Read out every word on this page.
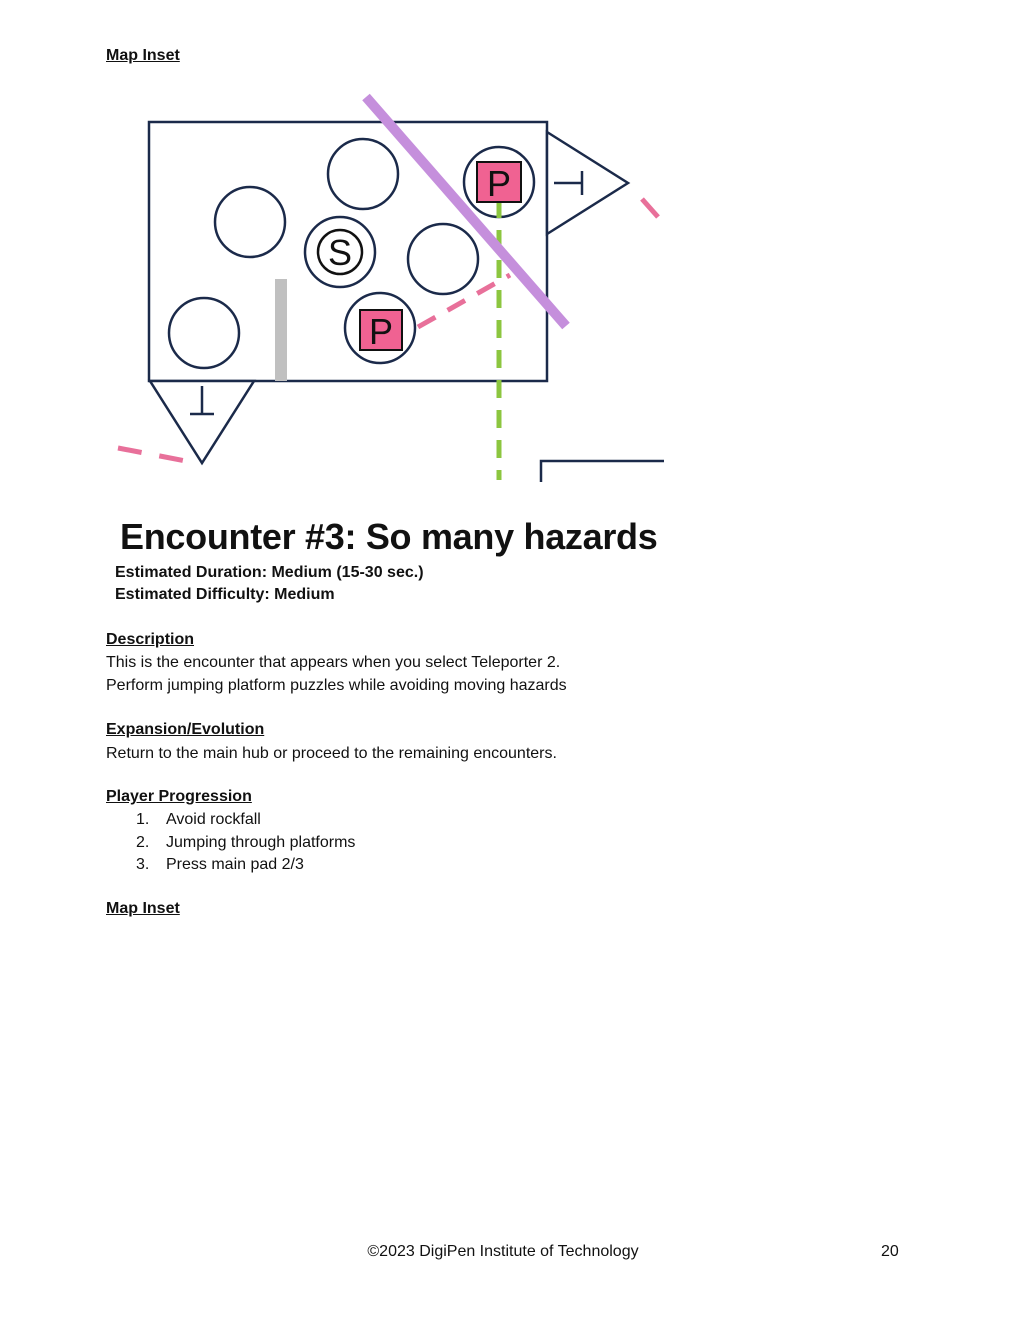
Map Inset
S
P
P
Encounter #3: So many hazards
Estimated Duration: Medium (15-30 sec.)
Estimated Difficulty: Medium
Description
This is the encounter that appears when you select Teleporter 2.
Perform jumping platform puzzles while avoiding moving hazards
Expansion/Evolution
Return to the main hub or proceed to the remaining encounters.
Player Progression
1. Avoid rockfall
2. Jumping through platforms
3. Press main pad 2/3
Map Inset
©2023 DigiPen Institute of Technology	20
